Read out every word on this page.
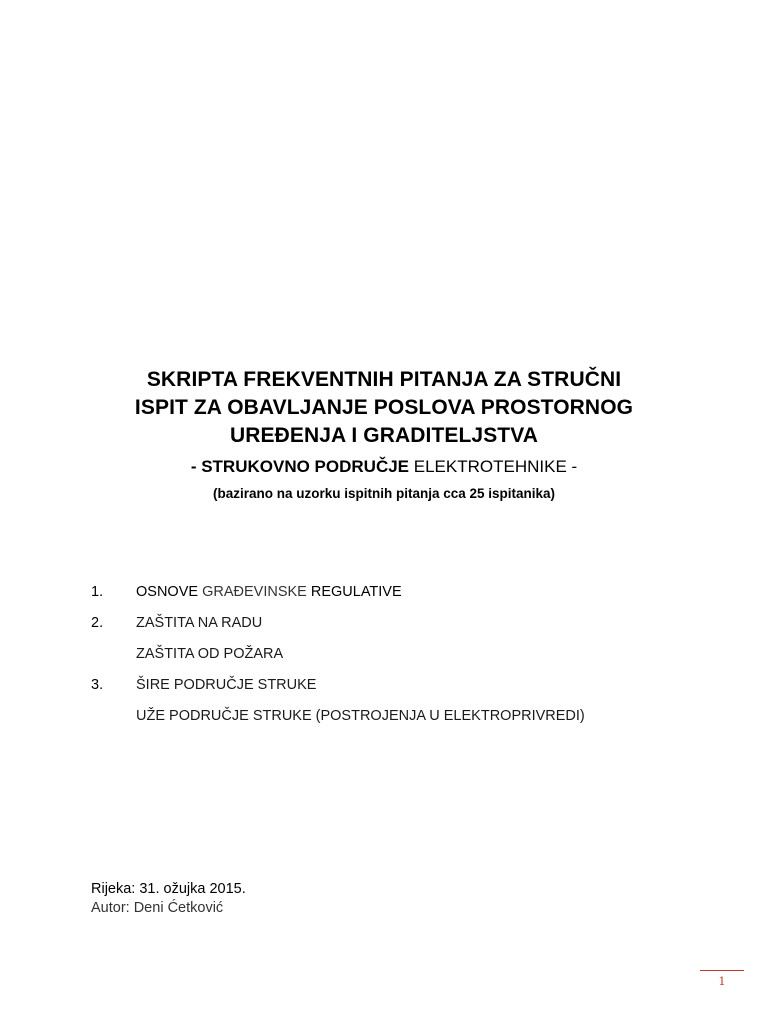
SKRIPTA FREKVENTNIH PITANJA ZA STRUČNI
ISPIT ZA OBAVLJANJE POSLOVA PROSTORNOG
UREĐENJA I GRADITELJSTVA
- STRUKOVNO PODRUČJE ELEKTROTEHNIKE -
(bazirano na uzorku ispitnih pitanja cca 25 ispitanika)
1. OSNOVE GRAĐEVINSKE REGULATIVE
2. ZAŠTITA NA RADU
ZAŠTITA OD POŽARA
3. ŠIRE PODRUČJE STRUKE
UŽE PODRUČJE STRUKE (POSTROJENJA U ELEKTROPRIVREDI)
Rijeka: 31. ožujka 2015.
Autor: Deni Ćetković
1
